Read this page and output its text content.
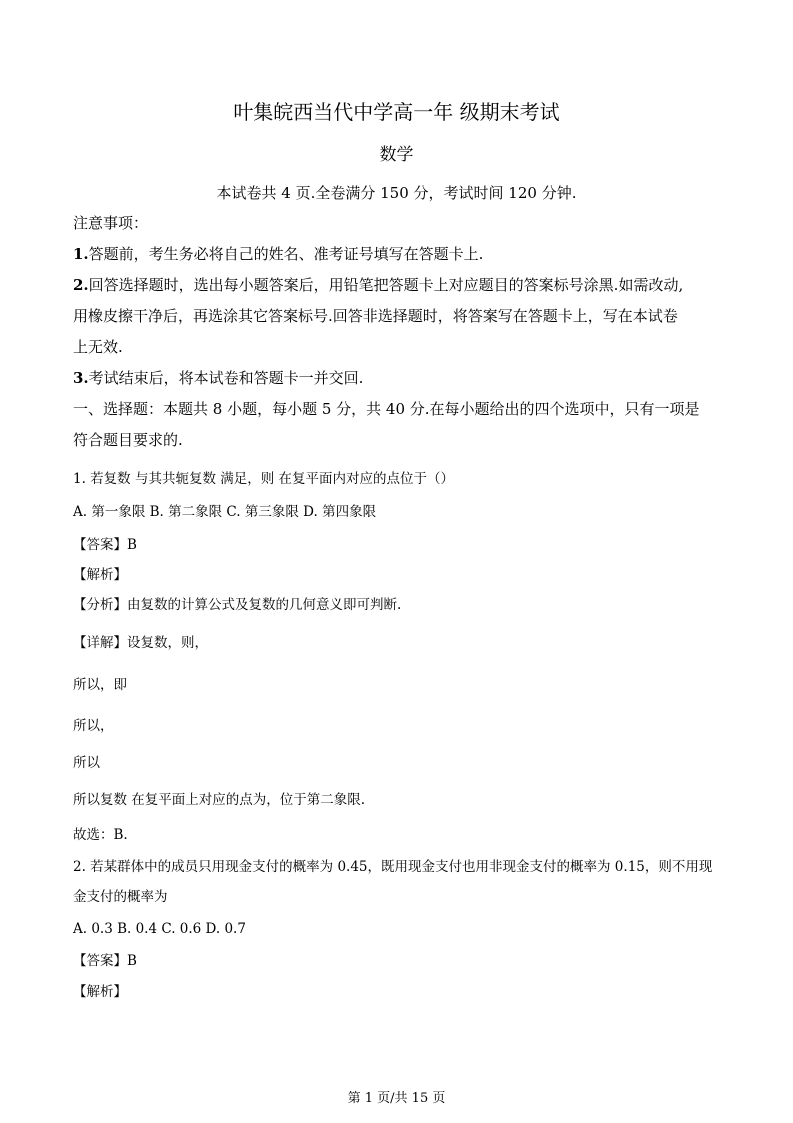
叶集皖西当代中学高一年 级期末考试
数学
本试卷共 4 页.全卷满分 150 分，考试时间 120 分钟.
注意事项：
1.答题前，考生务必将自己的姓名、准考证号填写在答题卡上.
2.回答选择题时，选出每小题答案后，用铅笔把答题卡上对应题目的答案标号涂黑.如需改动,
用橡皮擦干净后，再选涂其它答案标号.回答非选择题时，将答案写在答题卡上，写在本试卷
上无效.
3.考试结束后，将本试卷和答题卡一并交回.
一、选择题：本题共 8 小题，每小题 5 分，共 40 分.在每小题给出的四个选项中，只有一项是
符合题目要求的.
1. 若复数 与其共轭复数 满足，则 在复平面内对应的点位于（）
A. 第一象限 B. 第二象限 C. 第三象限 D. 第四象限
【答案】B
【解析】
【分析】由复数的计算公式及复数的几何意义即可判断.
【详解】设复数，则，
所以，即
所以，
所以
所以复数 在复平面上对应的点为，位于第二象限.
故选：B.
2. 若某群体中的成员只用现金支付的概率为 0.45，既用现金支付也用非现金支付的概率为 0.15，则不用现
金支付的概率为
A. 0.3 B. 0.4 C. 0.6 D. 0.7
【答案】B
【解析】
第 1 页/共 15 页
